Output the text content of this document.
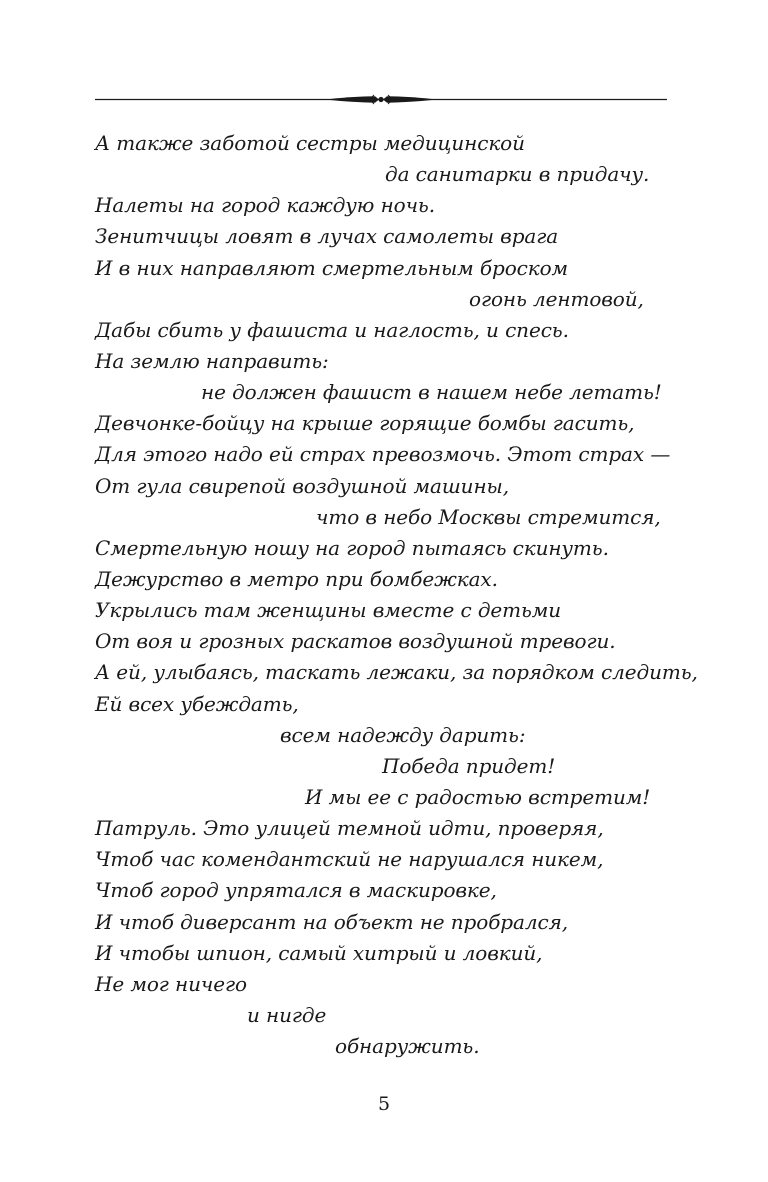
А также заботой сестры медицинской
да санитарки в придачу.
Налеты на город каждую ночь.
Зенитчицы ловят в лучах самолеты врага
И в них направляют смертельным броском
огонь лентовой,
Дабы сбить у фашиста и наглость, и спесь.
На землю направить:
не должен фашист в нашем небе летать!
Девчонке-бойцу на крыше горящие бомбы гасить,
Для этого надо ей страх превозмочь. Этот страх —
От гула свирепой воздушной машины,
что в небо Москвы стремится,
Смертельную ношу на город пытаясь скинуть.
Дежурство в метро при бомбежках.
Укрылись там женщины вместе с детьми
От воя и грозных раскатов воздушной тревоги.
А ей, улыбаясь, таскать лежаки, за порядком следить,
Ей всех убеждать,
всем надежду дарить:
Победа придет!
И мы ее с радостью встретим!
Патруль. Это улицей темной идти, проверяя,
Чтоб час комендантский не нарушался никем,
Чтоб город упрятался в маскировке,
И чтоб диверсант на объект не пробрался,
И чтобы шпион, самый хитрый и ловкий,
Не мог ничего
и нигде
обнаружить.
5
